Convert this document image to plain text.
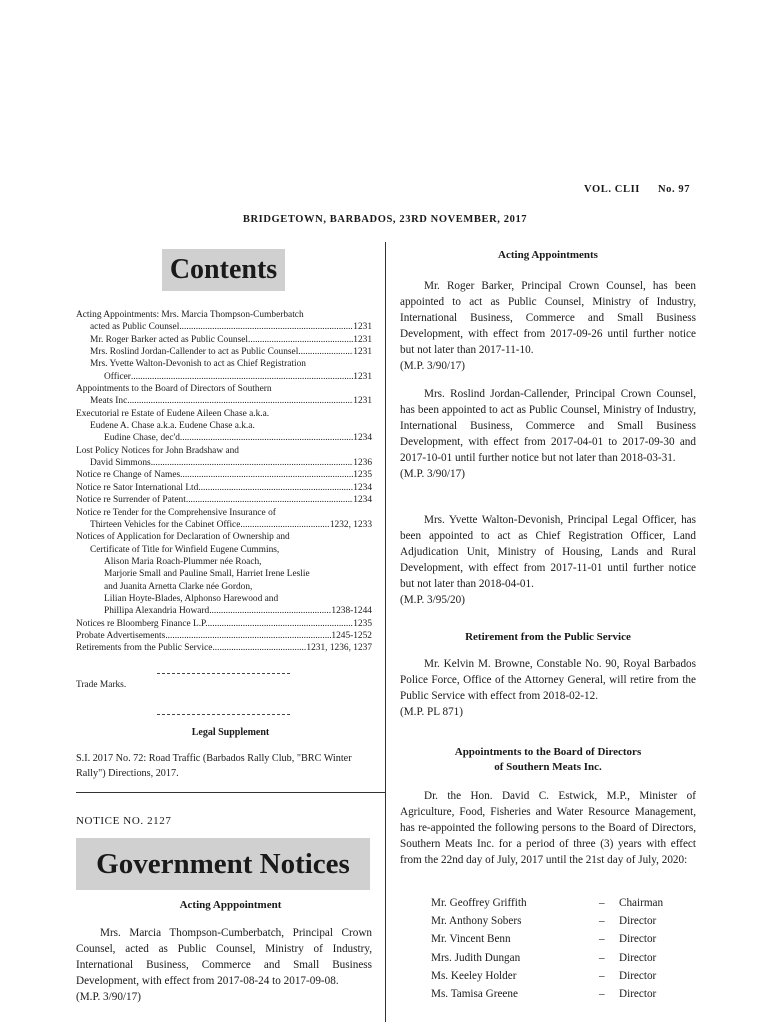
VOL. CLII No. 97
BRIDGETOWN, BARBADOS, 23RD NOVEMBER, 2017
Contents
Acting Appointments: Mrs. Marcia Thompson-Cumberbatch
acted as Public Counsel .....	1231
Mr. Roger Barker acted as Public Counsel .....	1231
Mrs. Roslind Jordan-Callender to act as Public Counsel .....	1231
Mrs. Yvette Walton-Devonish to act as Chief Registration
Officer .....	1231
Appointments to the Board of Directors of Southern
Meats Inc. .....	1231
Executorial re Estate of Eudene Aileen Chase a.k.a.
Eudene A. Chase a.k.a. Eudene Chase a.k.a.
Eudine Chase, dec'd. .....	1234
Lost Policy Notices for John Bradshaw and
David Simmons .....	1236
Notice re Change of Names .....	1235
Notice re Sator International Ltd. .....	1234
Notice re Surrender of Patent .....	1234
Notice re Tender for the Comprehensive Insurance of
Thirteen Vehicles for the Cabinet Office .....	1232, 1233
Notices of Application for Declaration of Ownership and
Certificate of Title for Winfield Eugene Cummins,
Alison Maria Roach-Plummer née Roach,
Marjorie Small and Pauline Small, Harriet Irene Leslie
and Juanita Arnetta Clarke née Gordon,
Lilian Hoyte-Blades, Alphonso Harewood and
Phillipa Alexandria Howard .....	1238-1244
Notices re Bloomberg Finance L.P. .....	1235
Probate Advertisements .....	1245-1252
Retirements from the Public Service .....	1231, 1236, 1237
Trade Marks.
Legal Supplement
S.I. 2017 No. 72: Road Traffic (Barbados Rally Club, "BRC Winter Rally") Directions, 2017.
NOTICE NO. 2127
Government Notices
Acting Apppointment
Mrs. Marcia Thompson-Cumberbatch, Principal Crown Counsel, acted as Public Counsel, Ministry of Industry, International Business, Commerce and Small Business Development, with effect from 2017-08-24 to 2017-09-08.
(M.P. 3/90/17)
Acting Appointments
Mr. Roger Barker, Principal Crown Counsel, has been appointed to act as Public Counsel, Ministry of Industry, International Business, Commerce and Small Business Development, with effect from 2017-09-26 until further notice but not later than 2017-11-10.
(M.P. 3/90/17)
Mrs. Roslind Jordan-Callender, Principal Crown Counsel, has been appointed to act as Public Counsel, Ministry of Industry, International Business, Commerce and Small Business Development, with effect from 2017-04-01 to 2017-09-30 and 2017-10-01 until further notice but not later than 2018-03-31.
(M.P. 3/90/17)
Mrs. Yvette Walton-Devonish, Principal Legal Officer, has been appointed to act as Chief Registration Officer, Land Adjudication Unit, Ministry of Housing, Lands and Rural Development, with effect from 2017-11-01 until further notice but not later than 2018-04-01.
(M.P. 3/95/20)
Retirement from the Public Service
Mr. Kelvin M. Browne, Constable No. 90, Royal Barbados Police Force, Office of the Attorney General, will retire from the Public Service with effect from 2018-02-12.
(M.P. PL 871)
Appointments to the Board of Directors
of Southern Meats Inc.
Dr. the Hon. David C. Estwick, M.P., Minister of Agriculture, Food, Fisheries and Water Resource Management, has re-appointed the following persons to the Board of Directors, Southern Meats Inc. for a period of three (3) years with effect from the 22nd day of July, 2017 until the 21st day of July, 2020:
Mr. Geoffrey Griffith	–	Chairman
Mr. Anthony Sobers	–	Director
Mr. Vincent Benn	–	Director
Mrs. Judith Dungan	–	Director
Ms. Keeley Holder	–	Director
Ms. Tamisa Greene	–	Director
